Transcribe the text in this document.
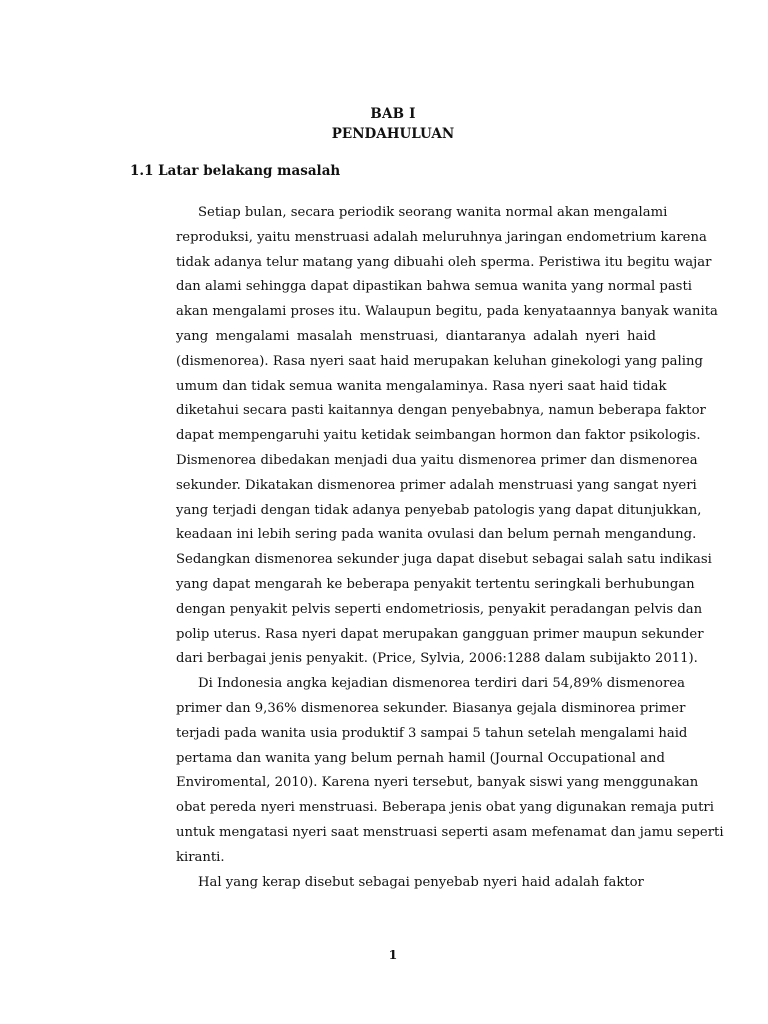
BAB I
PENDAHULUAN
1.1 Latar belakang masalah
Setiap bulan, secara periodik seorang wanita normal akan mengalami
reproduksi, yaitu menstruasi adalah meluruhnya jaringan endometrium karena
tidak adanya telur matang yang dibuahi oleh sperma. Peristiwa itu begitu wajar
dan alami sehingga dapat dipastikan bahwa semua wanita yang normal pasti
akan mengalami proses itu. Walaupun begitu, pada kenyataannya banyak wanita
yang mengalami masalah menstruasi, diantaranya adalah nyeri haid
(dismenorea). Rasa nyeri saat haid merupakan keluhan ginekologi yang paling
umum dan tidak semua wanita mengalaminya. Rasa nyeri saat haid tidak
diketahui secara pasti kaitannya dengan penyebabnya, namun beberapa faktor
dapat mempengaruhi yaitu ketidak seimbangan hormon dan faktor psikologis.
Dismenorea dibedakan menjadi dua yaitu dismenorea primer dan dismenorea
sekunder. Dikatakan dismenorea primer adalah menstruasi yang sangat nyeri
yang terjadi dengan tidak adanya penyebab patologis yang dapat ditunjukkan,
keadaan ini lebih sering pada wanita ovulasi dan belum pernah mengandung.
Sedangkan dismenorea sekunder juga dapat disebut sebagai salah satu indikasi
yang dapat mengarah ke beberapa penyakit tertentu seringkali berhubungan
dengan penyakit pelvis seperti endometriosis, penyakit peradangan pelvis dan
polip uterus. Rasa nyeri dapat merupakan gangguan primer maupun sekunder
dari berbagai jenis penyakit. (Price, Sylvia, 2006:1288 dalam subijakto 2011).
Di Indonesia angka kejadian dismenorea terdiri dari 54,89% dismenorea
primer dan 9,36% dismenorea sekunder. Biasanya gejala disminorea primer
terjadi pada wanita usia produktif 3 sampai 5 tahun setelah mengalami haid
pertama dan wanita yang belum pernah hamil (Journal Occupational and
Enviromental, 2010). Karena nyeri tersebut, banyak siswi yang menggunakan
obat pereda nyeri menstruasi. Beberapa jenis obat yang digunakan remaja putri
untuk mengatasi nyeri saat menstruasi seperti asam mefenamat dan jamu seperti
kiranti.
Hal yang kerap disebut sebagai penyebab nyeri haid adalah faktor
1
